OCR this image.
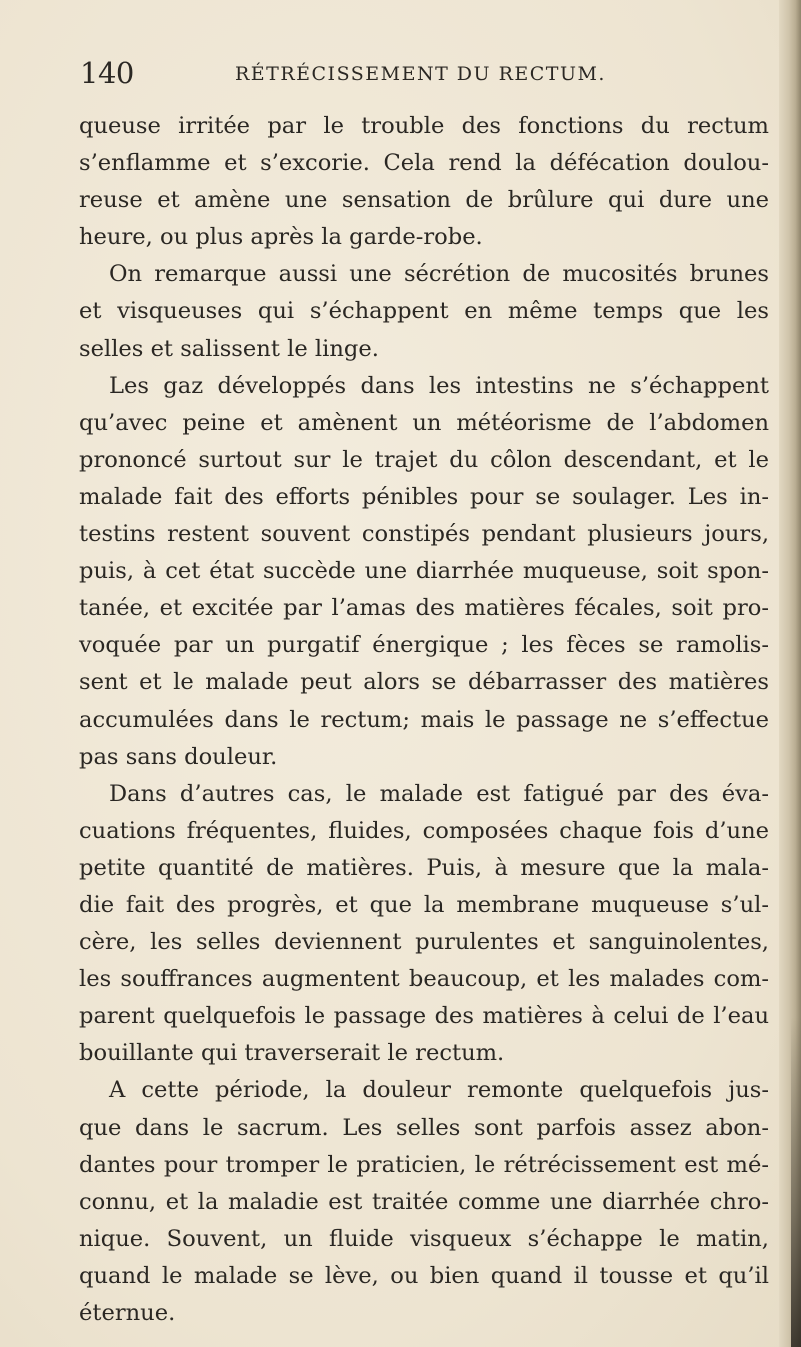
140	RÉTRÉCISSEMENT DU RECTUM.
queuse irritée par le trouble des fonctions du rectum
s’enflamme et s’excorie. Cela rend la défécation doulou-
reuse et amène une sensation de brûlure qui dure une
heure, ou plus après la garde-robe.
On remarque aussi une sécrétion de mucosités brunes
et visqueuses qui s’échappent en même temps que les
selles et salissent le linge.
Les gaz développés dans les intestins ne s’échappent
qu’avec peine et amènent un météorisme de l’abdomen
prononcé surtout sur le trajet du côlon descendant, et le
malade fait des efforts pénibles pour se soulager. Les in-
testins restent souvent constipés pendant plusieurs jours,
puis, à cet état succède une diarrhée muqueuse, soit spon-
tanée, et excitée par l’amas des matières fécales, soit pro-
voquée par un purgatif énergique ; les fèces se ramolis-
sent et le malade peut alors se débarrasser des matières
accumulées dans le rectum; mais le passage ne s’effectue
pas sans douleur.
Dans d’autres cas, le malade est fatigué par des éva-
cuations fréquentes, fluides, composées chaque fois d’une
petite quantité de matières. Puis, à mesure que la mala-
die fait des progrès, et que la membrane muqueuse s’ul-
cère, les selles deviennent purulentes et sanguinolentes,
les souffrances augmentent beaucoup, et les malades com-
parent quelquefois le passage des matières à celui de l’eau
bouillante qui traverserait le rectum.
A cette période, la douleur remonte quelquefois jus-
que dans le sacrum. Les selles sont parfois assez abon-
dantes pour tromper le praticien, le rétrécissement est mé-
connu, et la maladie est traitée comme une diarrhée chro-
nique. Souvent, un fluide visqueux s’échappe le matin,
quand le malade se lève, ou bien quand il tousse et qu’il
éternue.
